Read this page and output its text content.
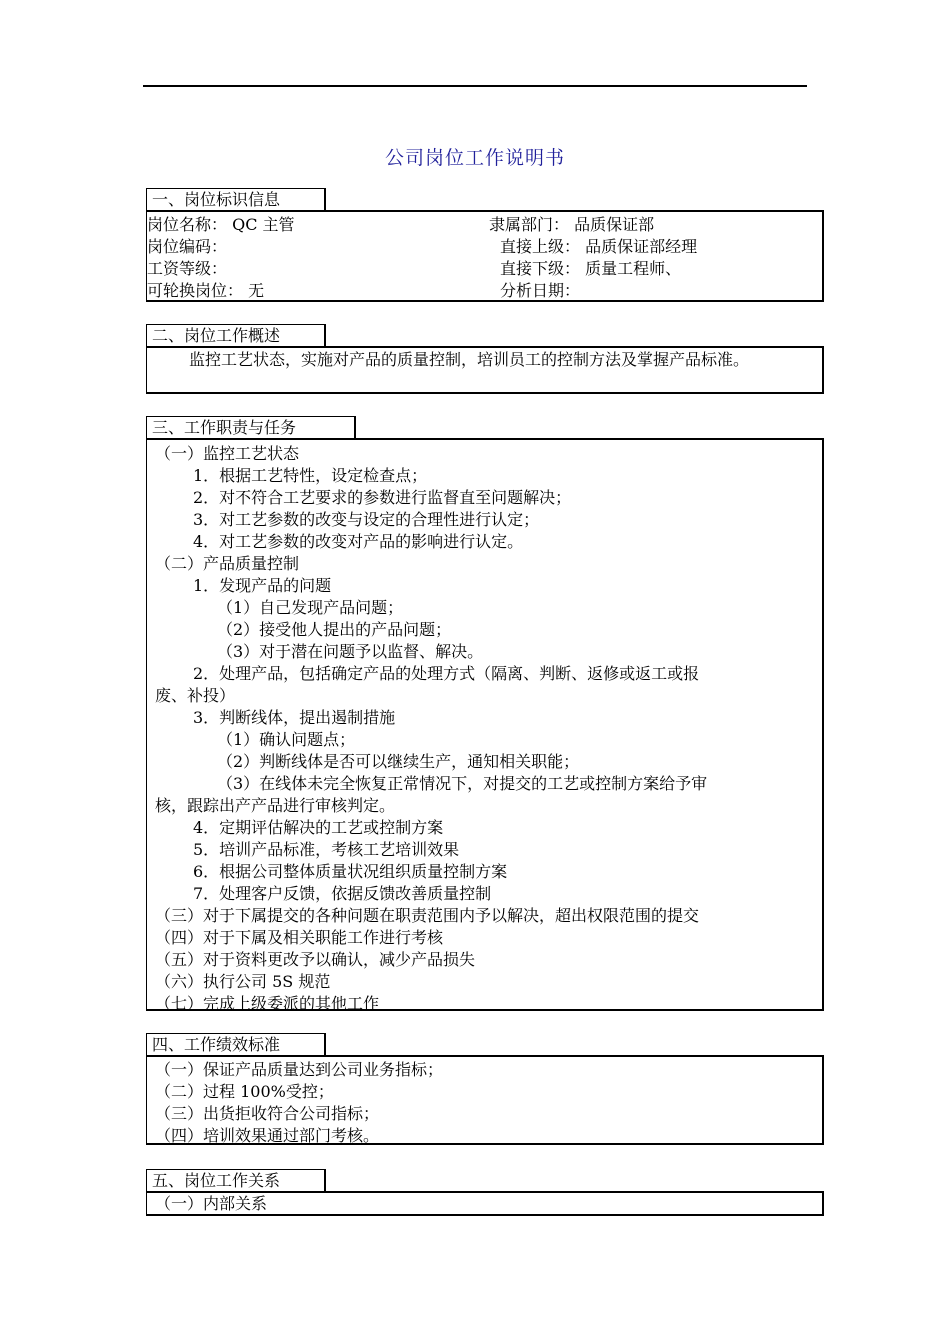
公司岗位工作说明书
一、岗位标识信息
岗位名称： QC 主管	隶属部门： 品质保证部
岗位编码：	直接上级： 品质保证部经理
工资等级：	直接下级： 质量工程师、
可轮换岗位： 无	分析日期：
二、岗位工作概述
监控工艺状态，实施对产品的质量控制，培训员工的控制方法及掌握产品标准。
三、工作职责与任务
（一）监控工艺状态
1．根据工艺特性，设定检查点；
2．对不符合工艺要求的参数进行监督直至问题解决；
3．对工艺参数的改变与设定的合理性进行认定；
4．对工艺参数的改变对产品的影响进行认定。
（二）产品质量控制
1．发现产品的问题
（1）自己发现产品问题；
（2）接受他人提出的产品问题；
（3）对于潜在问题予以监督、解决。
2．处理产品，包括确定产品的处理方式（隔离、判断、返修或返工或报
废、补投）
3．判断线体，提出遏制措施
（1）确认问题点；
（2）判断线体是否可以继续生产，通知相关职能；
（3）在线体未完全恢复正常情况下，对提交的工艺或控制方案给予审
核，跟踪出产产品进行审核判定。
4．定期评估解决的工艺或控制方案
5．培训产品标准，考核工艺培训效果
6．根据公司整体质量状况组织质量控制方案
7．处理客户反馈，依据反馈改善质量控制
（三）对于下属提交的各种问题在职责范围内予以解决，超出权限范围的提交
（四）对于下属及相关职能工作进行考核
（五）对于资料更改予以确认，减少产品损失
（六）执行公司 5S 规范
（七）完成上级委派的其他工作
四、工作绩效标准
（一）保证产品质量达到公司业务指标；
（二）过程 100%受控；
（三）出货拒收符合公司指标；
（四）培训效果通过部门考核。
五、岗位工作关系
（一）内部关系
